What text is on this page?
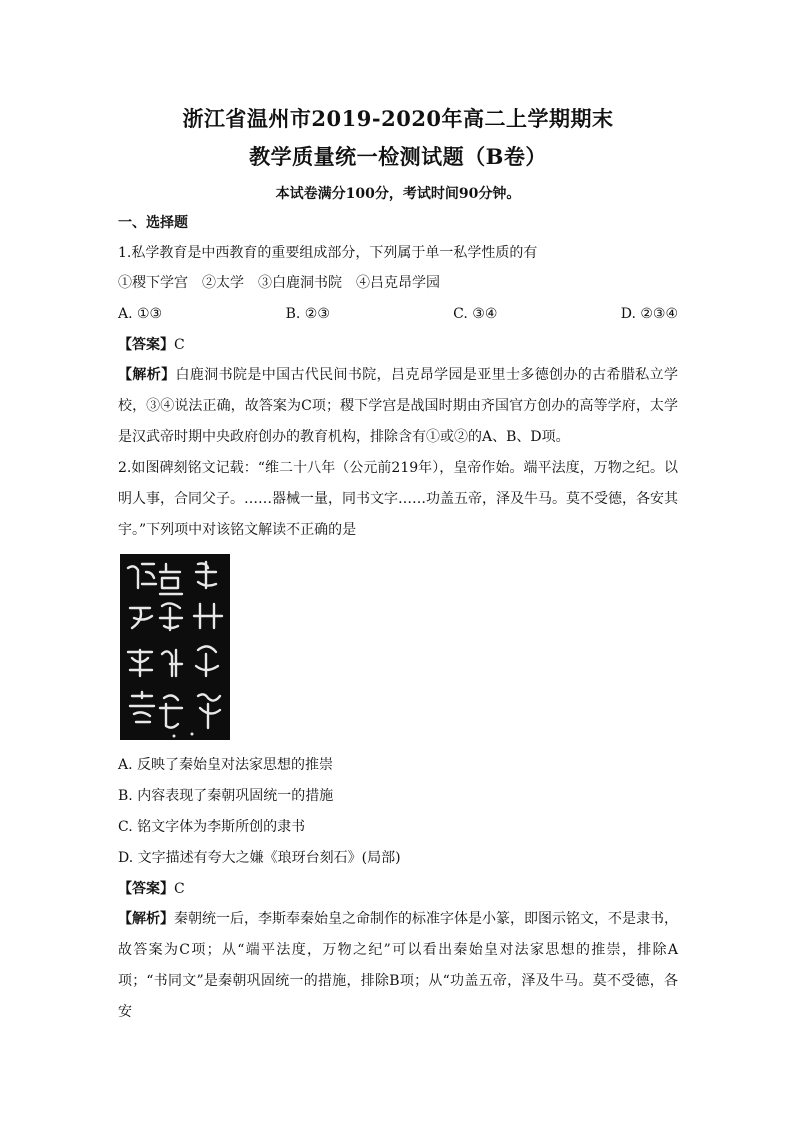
浙江省温州市2019-2020年高二上学期期末

教学质量统一检测试题（B卷）

本试卷满分100分，考试时间90分钟。
一、选择题
1.私学教育是中西教育的重要组成部分，下列属于单一私学性质的有
①稷下学宫　②太学　③白鹿洞书院　④吕克昂学园
A. ①③	B. ②③	C. ③④	D. ②③④
【答案】C
【解析】白鹿洞书院是中国古代民间书院，吕克昂学园是亚里士多德创办的古希腊私立学校，③④说法正确，故答案为C项；稷下学宫是战国时期由齐国官方创办的高等学府，太学是汉武帝时期中央政府创办的教育机构，排除含有①或②的A、B、D项。
2.如图碑刻铭文记载：“维二十八年（公元前219年），皇帝作始。端平法度，万物之纪。以明人事，合同父子。……器械一量，同书文字……功盖五帝，泽及牛马。莫不受德，各安其宇。”下列项中对该铭文解读不正确的是
A. 反映了秦始皇对法家思想的推崇
B. 内容表现了秦朝巩固统一的措施
C. 铭文字体为李斯所创的隶书
D. 文字描述有夸大之嫌《琅玡台刻石》(局部)
【答案】C
【解析】秦朝统一后，李斯奉秦始皇之命制作的标准字体是小篆，即图示铭文，不是隶书，故答案为C项；从“端平法度，万物之纪”可以看出秦始皇对法家思想的推崇，排除A项；“书同文”是秦朝巩固统一的措施，排除B项；从“功盖五帝，泽及牛马。莫不受德，各安
